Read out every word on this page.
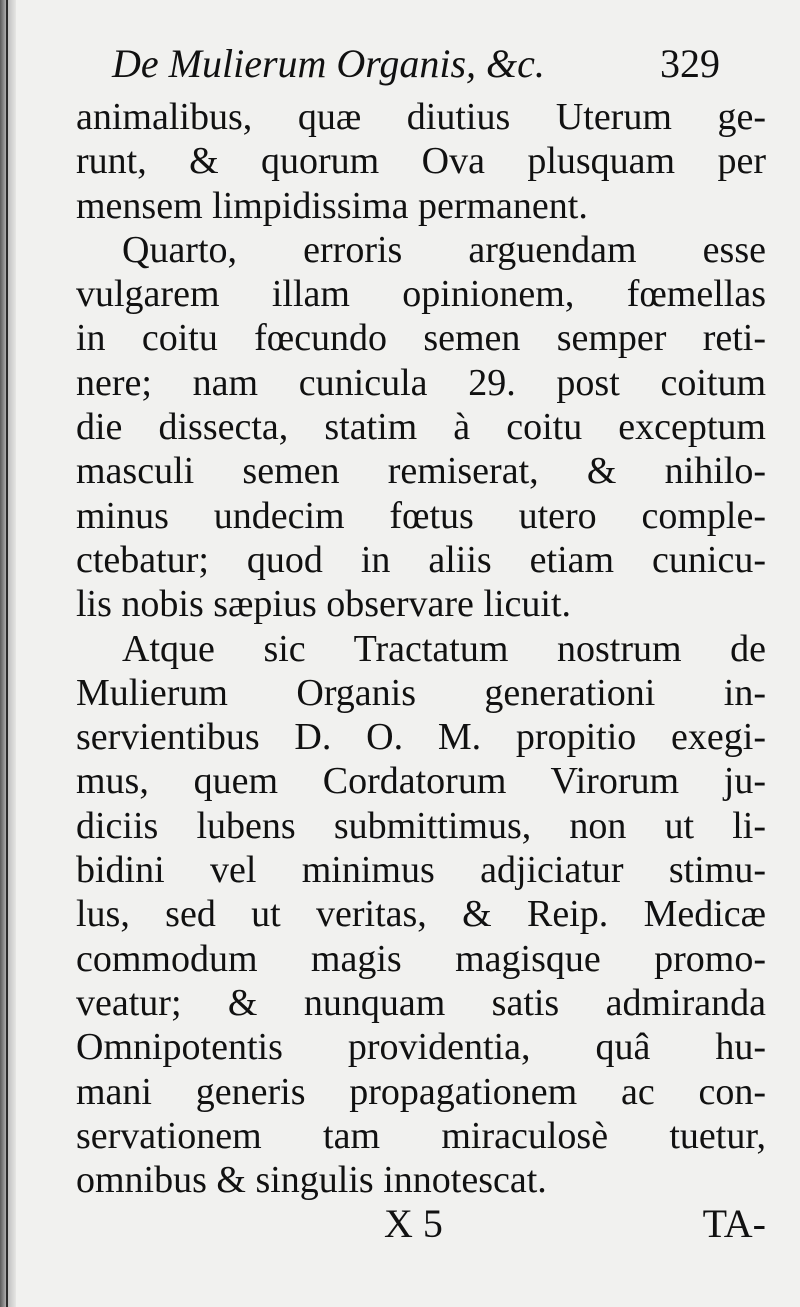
De Mulierum Organis, &c.	329
animalibus, quæ diutius Uterum ge-
runt, & quorum Ova plusquam per
mensem limpidissima permanent.
Quarto, erroris arguendam esse
vulgarem illam opinionem, fœmellas
in coitu fœcundo semen semper reti-
nere; nam cunicula 29. post coitum
die dissecta, statim à coitu exceptum
masculi semen remiserat, & nihilo-
minus undecim fœtus utero comple-
ctebatur; quod in aliis etiam cunicu-
lis nobis sæpius observare licuit.
Atque sic Tractatum nostrum de
Mulierum Organis generationi in-
servientibus D. O. M. propitio exegi-
mus, quem Cordatorum Virorum ju-
diciis lubens submittimus, non ut li-
bidini vel minimus adjiciatur stimu-
lus, sed ut veritas, & Reip. Medicæ
commodum magis magisque promo-
veatur; & nunquam satis admiranda
Omnipotentis providentia, quâ hu-
mani generis propagationem ac con-
servationem tam miraculosè tuetur,
omnibus & singulis innotescat.
X 5	TA-
